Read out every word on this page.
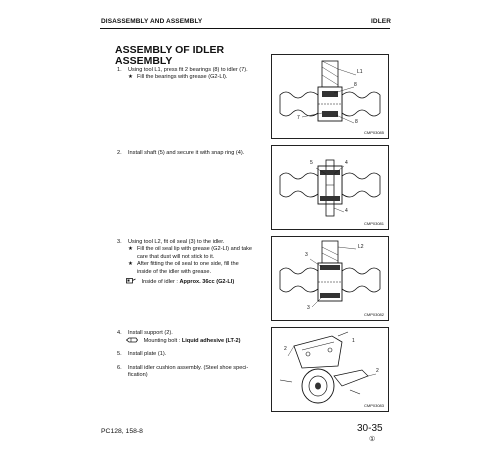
DISASSEMBLY AND ASSEMBLY	IDLER
ASSEMBLY OF IDLER
ASSEMBLY
1. Using tool L1, press fit 2 bearings (8) to idler (7).
★ Fill the bearings with grease (G2-LI).
L1
8
7
8
CMP03085
2. Install shaft (5) and secure it with snap ring (4).
5	4
4
CMP03081
3. Using tool L2, fit oil seal (3) to the idler.
★ Fill the oil seal lip with grease (G2-LI) and take
care that dust will not stick to it.
★ After fitting the oil seal to one side, fill the
inside of the idler with grease.
Inside of idler : Approx. 36cc (G2-LI)
L2
3
3
CMP03082
4. Install support (2).
Mounting bolt : Liquid adhesive (LT-2)
5. Install plate (1).
6. Install idler cushion assembly. (Steel shoe speci-
fication)
2
1
2
CMP03083
PC128, 158-8	30-35
①
